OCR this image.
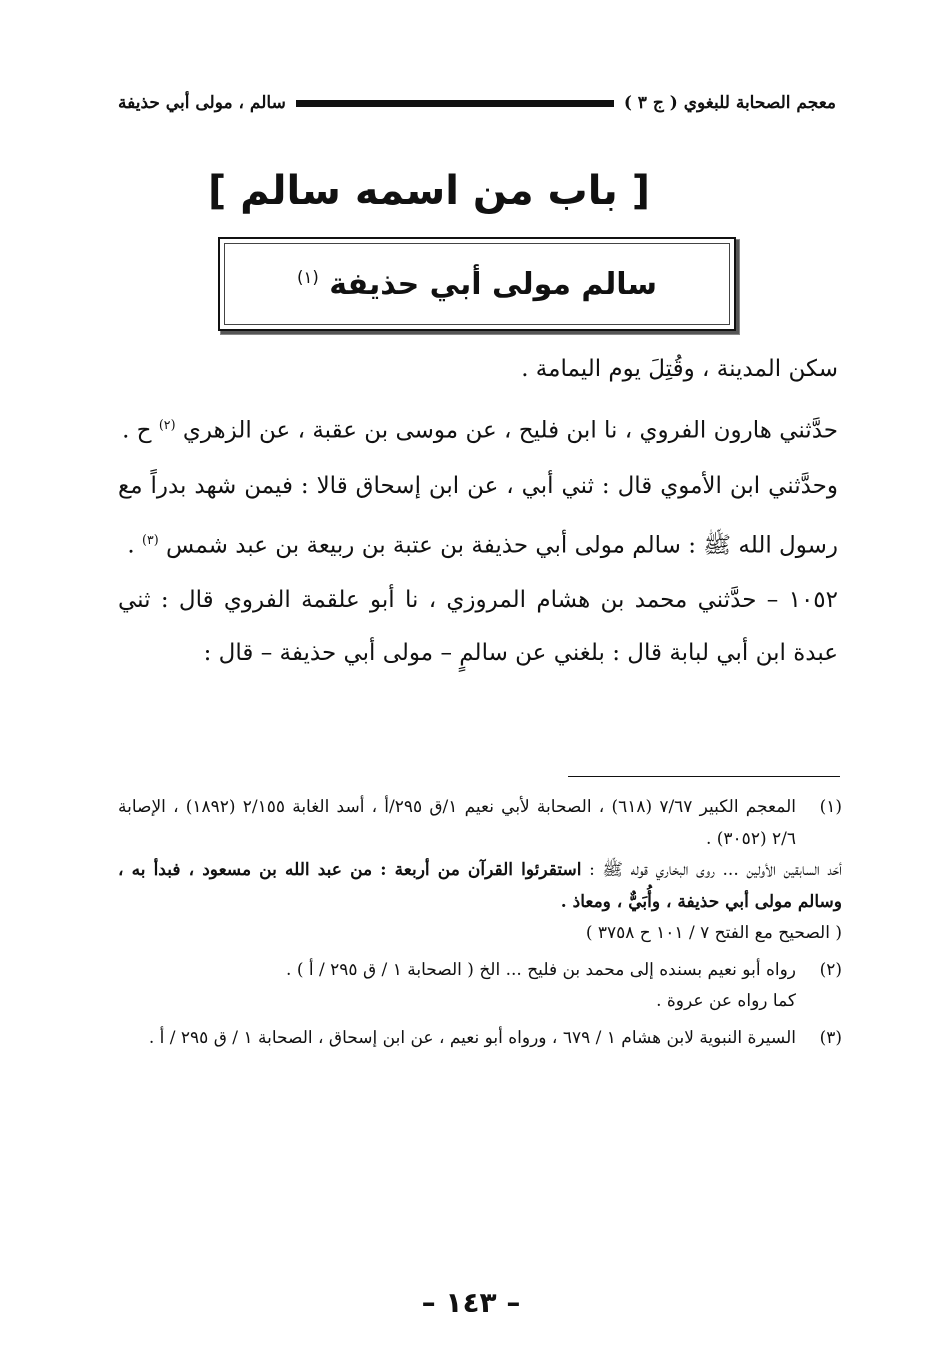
معجم الصحابة للبغوي ( ج ٣ )
سالم ، مولى أبي حذيفة
[ باب من اسمه سالم ]
سالم مولى أبي حذيفة $^{(١)}$

سكن المدينة ، وقُتِلَ يوم اليمامة .

حدَّثني هارون الفروي ، نا ابن فليح ، عن موسى بن عقبة ، عن الزهري $^{(٢)}$ ح .

وحدَّثني ابن الأموي قال : ثني أبي ، عن ابن إسحاق قالا : فيمن شهد بدراً مع رسول الله ﷺ : سالم مولى أبي حذيفة بن عتبة بن ربيعة بن عبد شمس $^{(٣)}$ .

١٠٥٢ – حدَّثني محمد بن هشام المروزي ، نا أبو علقمة الفروي قال : ثني عبدة ابن أبي لبابة قال : بلغني عن سالمٍ – مولى أبي حذيفة – قال :

(١)

المعجم الكبير ٧/٦٧ (٦١٨) ، الصحابة لأبي نعيم ١/ق ٢٩٥/أ ، أسد الغابة ٢/١٥٥ (١٨٩٢) ، الإصابة ٢/٦ (٣٠٥٢) .

أحَد السابقين الأولين ... روى البخاري قوله ﷺ : استقرئوا القرآن من أربعة : من عبد الله بن مسعود ، فبدأ به ، وسالم مولى أبي حذيفة ، وأُبَيٌّ ، ومعاذ .

( الصحيح مع الفتح ٧ / ١٠١ ح ٣٧٥٨ )

(٢)

رواه أبو نعيم بسنده إلى محمد بن فليح ... الخ ( الصحابة ١ / ق ٢٩٥ / أ ) .

كما رواه عن عروة .

(٣)

السيرة النبوية لابن هشام ١ / ٦٧٩ ، ورواه أبو نعيم ، عن ابن إسحاق ، الصحابة ١ / ق ٢٩٥ / أ .

– ١٤٣ –
